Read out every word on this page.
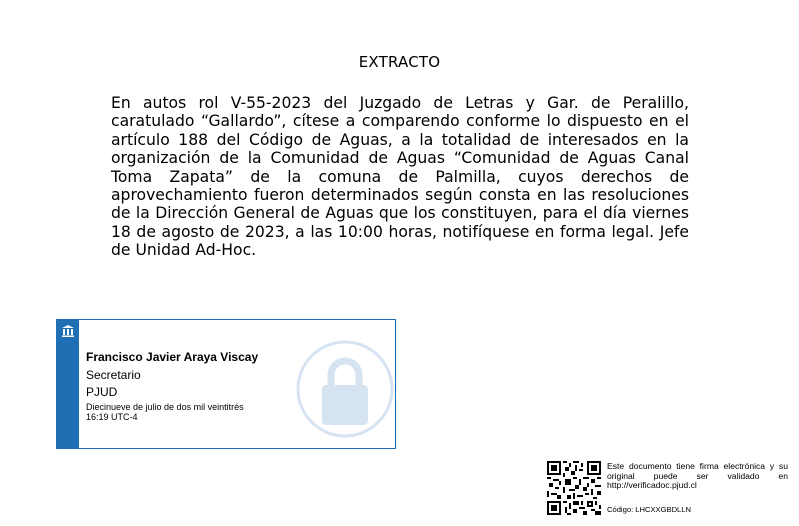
EXTRACTO

En autos rol V-55-2023 del Juzgado de Letras y Gar. de Peralillo, caratulado “Gallardo”, cítese a comparendo conforme lo dispuesto en el artículo 188 del Código de Aguas, a la totalidad de interesados en la organización de la Comunidad de Aguas “Comunidad de Aguas Canal Toma Zapata” de la comuna de Palmilla, cuyos derechos de aprovechamiento fueron determinados según consta en las resoluciones de la Dirección General de Aguas que los constituyen, para el día viernes 18 de agosto de 2023, a las 10:00 horas, notifíquese en forma legal. Jefe de Unidad Ad-Hoc.

Francisco Javier Araya Viscay
Secretario
PJUD
Diecinueve de julio de dos mil veintitrés
16:19 UTC-4
Este documento tiene firma electrónica y su original puede ser validado en http://verificadoc.pjud.cl
Código: LHCXXGBDLLN
